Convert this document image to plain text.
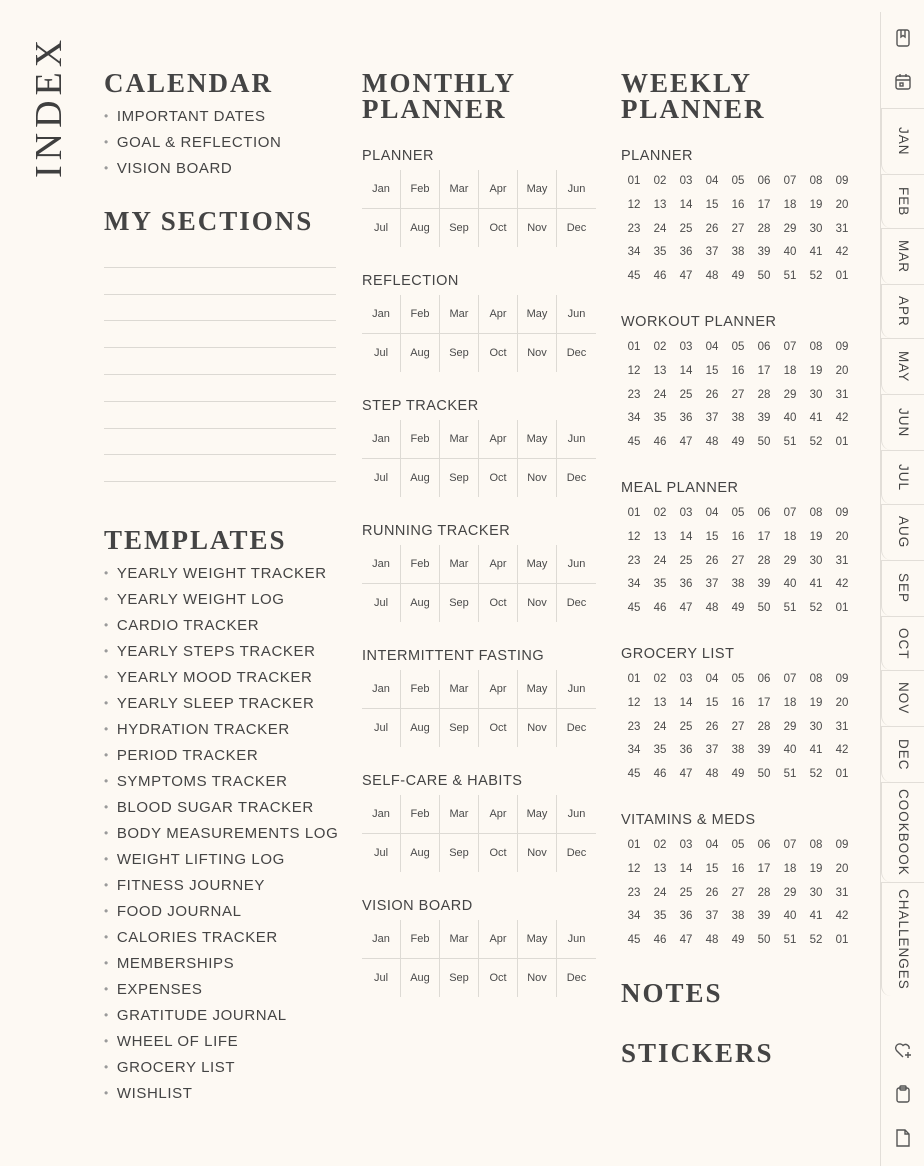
INDEX CALENDAR
• IMPORTANT DATES
• GOAL & REFLECTION
• VISION BOARD
MY SECTIONS
TEMPLATES
• YEARLY WEIGHT TRACKER
• YEARLY WEIGHT LOG
• CARDIO TRACKER
• YEARLY STEPS TRACKER
• YEARLY MOOD TRACKER
• YEARLY SLEEP TRACKER
• HYDRATION TRACKER
• PERIOD TRACKER
• SYMPTOMS TRACKER
• BLOOD SUGAR TRACKER
• BODY MEASUREMENTS LOG
• WEIGHT LIFTING LOG
• FITNESS JOURNEY
• FOOD JOURNAL
• CALORIES TRACKER
• MEMBERSHIPS
• EXPENSES
• GRATITUDE JOURNAL
• WHEEL OF LIFE
• GROCERY LIST
• WISHLIST
MONTHLY
PLANNER
PLANNER
Jan	Feb	Mar	Apr	May	Jun
Jul	Aug	Sep	Oct	Nov	Dec
REFLECTION
Jan	Feb	Mar	Apr	May	Jun
Jul	Aug	Sep	Oct	Nov	Dec
STEP TRACKER
Jan	Feb	Mar	Apr	May	Jun
Jul	Aug	Sep	Oct	Nov	Dec
RUNNING TRACKER
Jan	Feb	Mar	Apr	May	Jun
Jul	Aug	Sep	Oct	Nov	Dec
INTERMITTENT FASTING
Jan	Feb	Mar	Apr	May	Jun
Jul	Aug	Sep	Oct	Nov	Dec
SELF-CARE & HABITS
Jan	Feb	Mar	Apr	May	Jun
Jul	Aug	Sep	Oct	Nov	Dec
VISION BOARD
Jan	Feb	Mar	Apr	May	Jun
Jul	Aug	Sep	Oct	Nov	Dec
WEEKLY
PLANNER
NOTES
STICKERS
PLANNER
01	02	03	04	05	06	07	08	09
12	13	14	15	16	17	18	19	20
23	24	25	26	27	28	29	30	31
34	35	36	37	38	39	40	41	42
45	46	47	48	49	50	51	52	01
WORKOUT PLANNER
01	02	03	04	05	06	07	08	09
12	13	14	15	16	17	18	19	20
23	24	25	26	27	28	29	30	31
34	35	36	37	38	39	40	41	42
45	46	47	48	49	50	51	52	01
MEAL PLANNER
01	02	03	04	05	06	07	08	09
12	13	14	15	16	17	18	19	20
23	24	25	26	27	28	29	30	31
34	35	36	37	38	39	40	41	42
45	46	47	48	49	50	51	52	01
GROCERY LIST
01	02	03	04	05	06	07	08	09
12	13	14	15	16	17	18	19	20
23	24	25	26	27	28	29	30	31
34	35	36	37	38	39	40	41	42
45	46	47	48	49	50	51	52	01
VITAMINS & MEDS
01	02	03	04	05	06	07	08	09
12	13	14	15	16	17	18	19	20
23	24	25	26	27	28	29	30	31
34	35	36	37	38	39	40	41	42
45	46	47	48	49	50	51	52	01
JAN
FEB
MAR
APR
MAY
JUN
JUL
AUG
SEP
OCT
NOV
DEC
COOKBOOK
CHALLENGES
